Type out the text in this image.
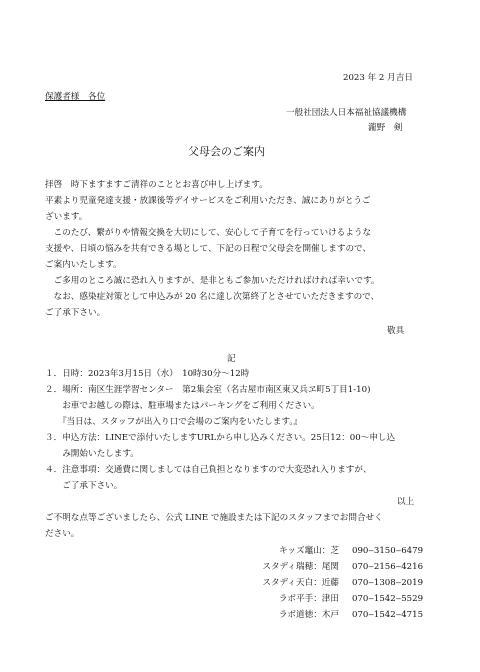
2023 年 2 月吉日
保護者様　各位
一般社団法人日本福祉協議機構
瀧野　剣
父母会のご案内
拝啓　時下ますますご清祥のこととお喜び申し上げます。
平素より児童発達支援・放課後等デイサービスをご利用いただき、誠にありがとうご
ざいます。
　このたび、繋がりや情報交換を大切にして、安心して子育てを行っていけるような
支援や、日頃の悩みを共有できる場として、下記の日程で父母会を開催しますので、
ご案内いたします。
　ご多用のところ誠に恐れ入りますが、是非ともご参加いただければければ幸いです。
　なお、感染症対策として申込みが 20 名に達し次第終了とさせていただきますので、
ご了承下さい。
敬具
記
１．日時：2023年3月15日（水）　10時30分～12時
２．場所：南区生涯学習センター　第2集会室（名古屋市南区東又兵ヱ町5丁目1-10)
　　お車でお越しの際は、駐車場またはパーキングをご利用ください。
　　『当日は、スタッフが出入り口で会場のご案内をいたします。』
３．申込方法：LINEで添付いたしますURLから申し込みください。25日12：00～申し込
　　み開始いたします。
４．注意事項：交通費に関しましては自己負担となりますので大変恐れ入りますが、
　　ご了承下さい。
以上
ご不明な点等ございましたら、公式 LINE で施設または下記のスタッフまでお問合せく
ださい。
キッズ竈山：芝 090‒3150‒6479
スタディ瑞穂：尾関 070‒2156‒4216
スタディ天白：近藤 070‒1308‒2019
ラボ平手：津田 070‒1542‒5529
ラボ道徳：木戸 070‒1542‒4715
